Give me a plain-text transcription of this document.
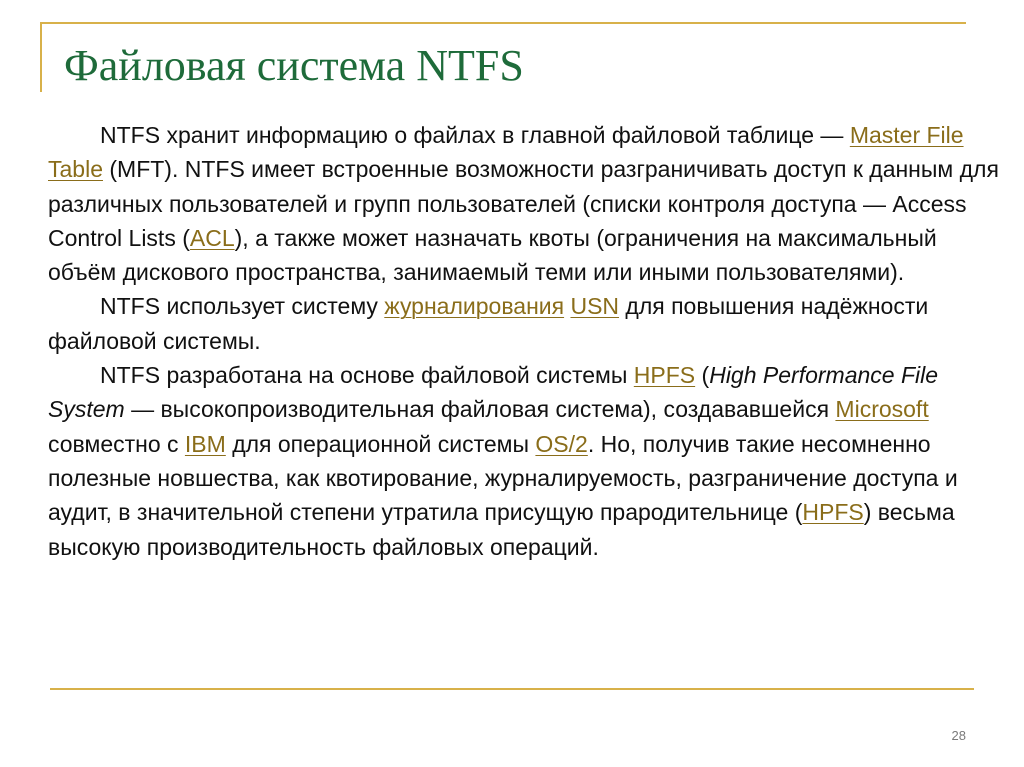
Файловая система NTFS

NTFS хранит информацию о файлах в главной файловой таблице — Master File Table (MFT). NTFS имеет встроенные возможности разграничивать доступ к данным для различных пользователей и групп пользователей (списки контроля доступа — Access Control Lists (ACL), а также может назначать квоты (ограничения на максимальный объём дискового пространства, занимаемый теми или иными пользователями).

NTFS использует систему журналирования USN для повышения надёжности файловой системы.

NTFS разработана на основе файловой системы HPFS (High Performance File System — высокопроизводительная файловая система), создававшейся Microsoft совместно с IBM для операционной системы OS/2. Но, получив такие несомненно полезные новшества, как квотирование, журналируемость, разграничение доступа и аудит, в значительной степени утратила присущую прародительнице (HPFS) весьма высокую производительность файловых операций.

28
